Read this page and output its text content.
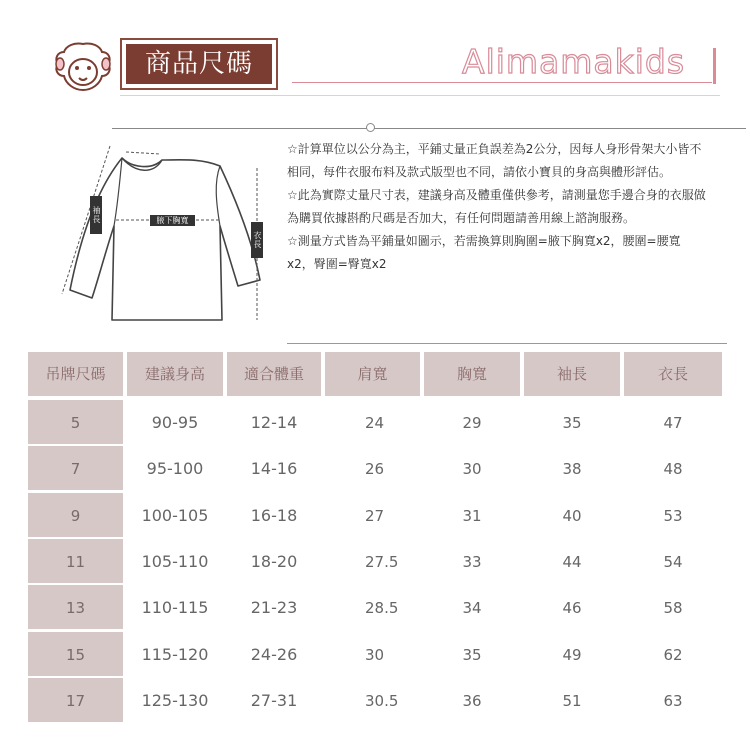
商品尺碼	Alimamakids
袖長
衣長
腋下胸寬

☆計算單位以公分為主，平鋪丈量正負誤差為2公分，因每人身形骨架大小皆不相同，每件衣服布料及款式版型也不同，請依小寶貝的身高與體形評估。

☆此為實際丈量尺寸表，建議身高及體重僅供參考，請測量您手邊合身的衣服做為購買依據斟酌尺碼是否加大，有任何問題請善用線上諮詢服務。

☆測量方式皆為平鋪量如圖示，若需換算則胸圍=腋下胸寬x2，腰圍=腰寬x2，臀圍=臀寬x2

吊牌尺碼	建議身高	適合體重	肩寬	胸寬	袖長	衣長
5	90-95	12-14	24	29	35	47
7	95-100	14-16	26	30	38	48
9	100-105	16-18	27	31	40	53
11	105-110	18-20	27.5	33	44	54
13	110-115	21-23	28.5	34	46	58
15	115-120	24-26	30	35	49	62
17	125-130	27-31	30.5	36	51	63
